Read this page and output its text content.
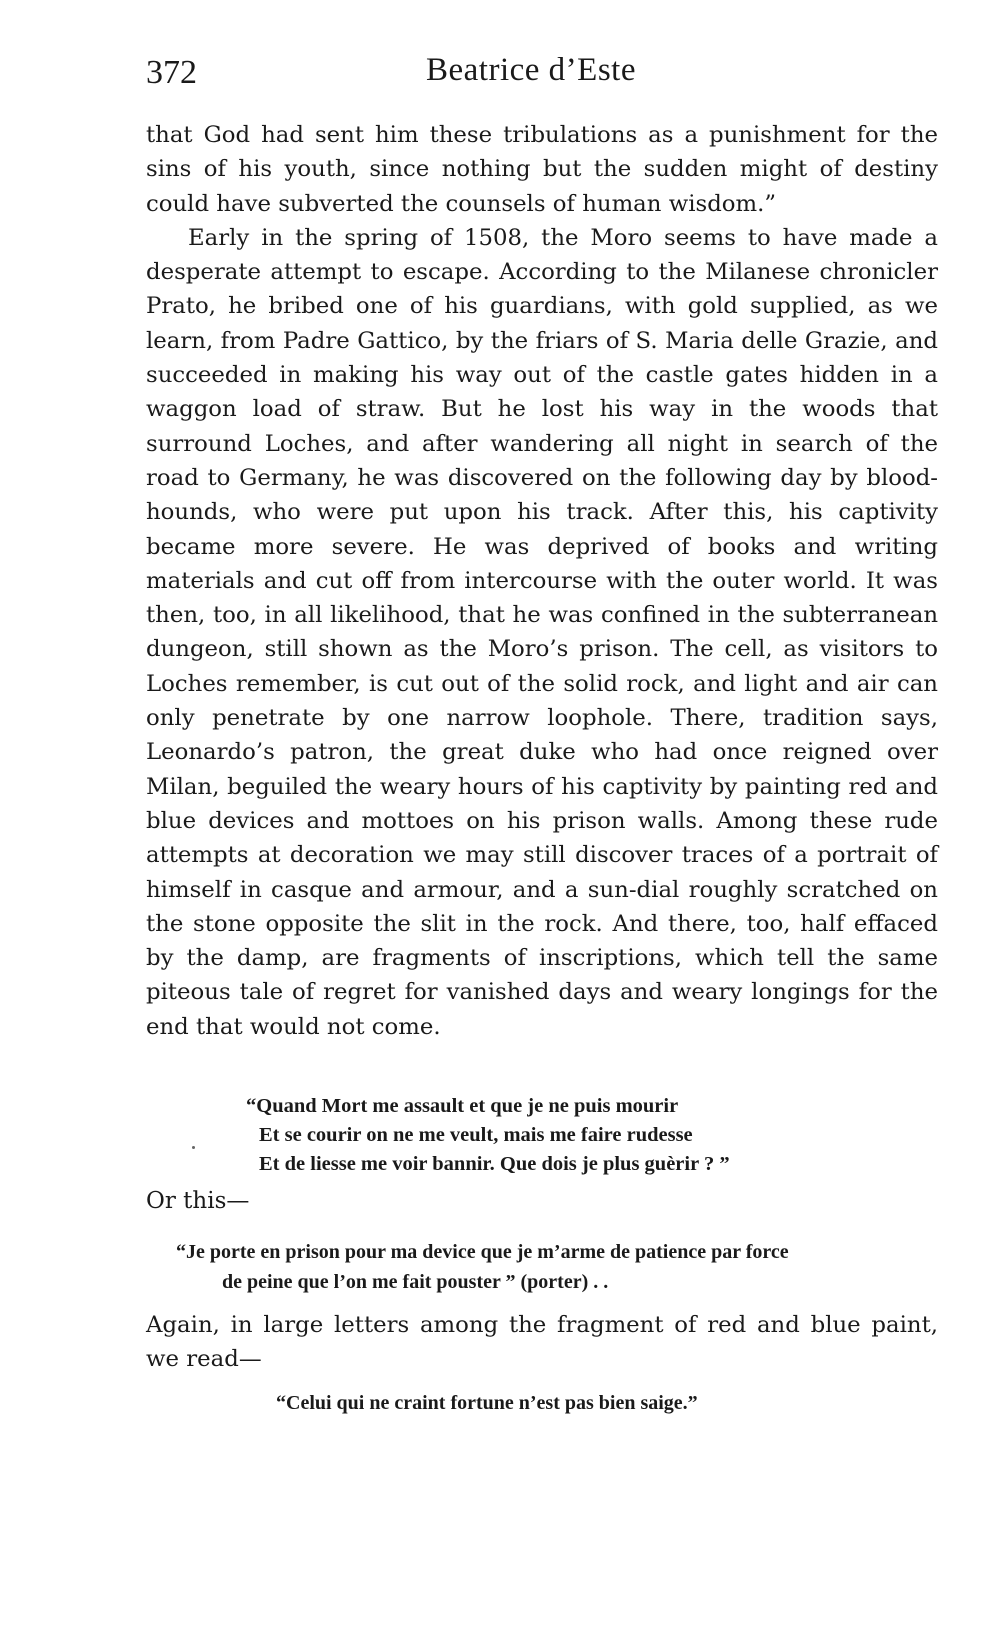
372	Beatrice d’Este

that God had sent him these tribulations as a punishment for the sins of his youth, since nothing but the sudden might of destiny could have subverted the counsels of human wisdom.”

Early in the spring of 1508, the Moro seems to have made a desperate attempt to escape. According to the Milanese chronicler Prato, he bribed one of his guardians, with gold supplied, as we learn, from Padre Gattico, by the friars of S. Maria delle Grazie, and succeeded in making his way out of the castle gates hidden in a waggon load of straw. But he lost his way in the woods that surround Loches, and after wandering all night in search of the road to Germany, he was discovered on the following day by blood-hounds, who were put upon his track. After this, his captivity became more severe. He was deprived of books and writing materials and cut off from intercourse with the outer world. It was then, too, in all likelihood, that he was confined in the subterranean dungeon, still shown as the Moro’s prison. The cell, as visitors to Loches remember, is cut out of the solid rock, and light and air can only penetrate by one narrow loophole. There, tradition says, Leonardo’s patron, the great duke who had once reigned over Milan, beguiled the weary hours of his captivity by painting red and blue devices and mottoes on his prison walls. Among these rude attempts at decoration we may still discover traces of a portrait of himself in casque and armour, and a sun-dial roughly scratched on the stone opposite the slit in the rock. And there, too, half effaced by the damp, are fragments of inscriptions, which tell the same piteous tale of regret for vanished days and weary longings for the end that would not come.

“Quand Mort me assault et que je ne puis mourir
Et se courir on ne me veult, mais me faire rudesse
Et de liesse me voir bannir. Que dois je plus guèrir ? ”
Or this—
“Je porte en prison pour ma device que je m’arme de patience par force
de peine que l’on me fait pouster ” (porter) . .
Again, in large letters among the fragment of red and blue paint, we read—
“Celui qui ne craint fortune n’est pas bien saige.”
